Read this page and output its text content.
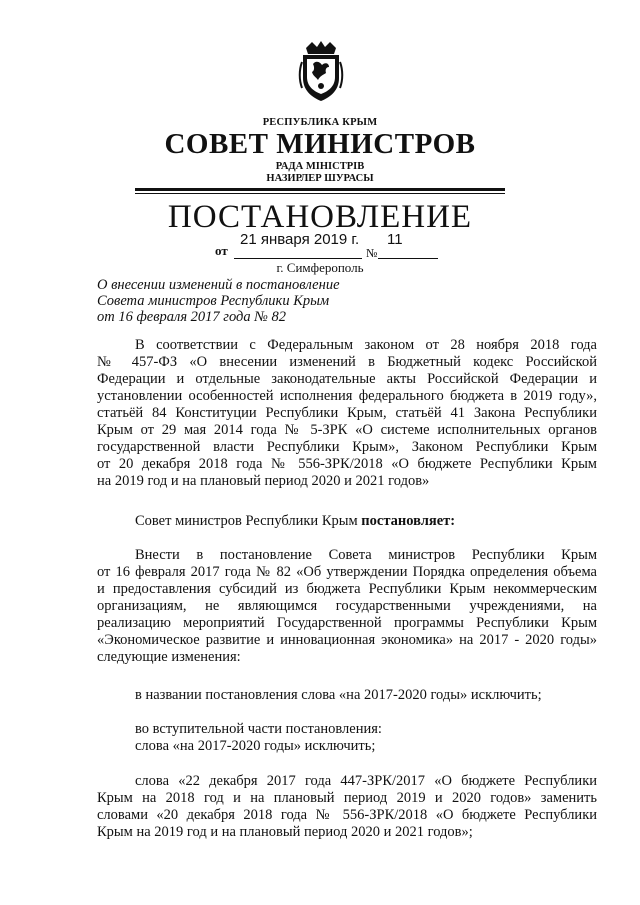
РЕСПУБЛИКА КРЫМ
СОВЕТ МИНИСТРОВ
РАДА МІНІСТРІВ
НАЗИРЛЕР ШУРАСЫ
ПОСТАНОВЛЕНИЕ
от
21 января 2019 г.
№
11
г. Симферополь
О внесении изменений в постановление
Совета министров Республики Крым
от 16 февраля 2017 года № 82
В соответствии с Федеральным законом от 28 ноября 2018 года
№ 457-ФЗ «О внесении изменений в Бюджетный кодекс Российской
Федерации и отдельные законодательные акты Российской Федерации и
установлении особенностей исполнения федерального бюджета в 2019 году»,
статьёй 84 Конституции Республики Крым, статьёй 41 Закона Республики
Крым от 29 мая 2014 года № 5-ЗРК «О системе исполнительных органов
государственной власти Республики Крым», Законом Республики Крым
от 20 декабря 2018 года № 556-ЗРК/2018 «О бюджете Республики Крым
на 2019 год и на плановый период 2020 и 2021 годов»
Совет министров Республики Крым постановляет:
Внести в постановление Совета министров Республики Крым
от 16 февраля 2017 года № 82 «Об утверждении Порядка определения объема
и предоставления субсидий из бюджета Республики Крым некоммерческим
организациям, не являющимся государственными учреждениями, на
реализацию мероприятий Государственной программы Республики Крым
«Экономическое развитие и инновационная экономика» на 2017 - 2020 годы»
следующие изменения:
в названии постановления слова «на 2017-2020 годы» исключить;
во вступительной части постановления:
слова «на 2017-2020 годы» исключить;
слова «22 декабря 2017 года 447-ЗРК/2017 «О бюджете Республики
Крым на 2018 год и на плановый период 2019 и 2020 годов» заменить
словами «20 декабря 2018 года № 556-ЗРК/2018 «О бюджете Республики
Крым на 2019 год и на плановый период 2020 и 2021 годов»;
